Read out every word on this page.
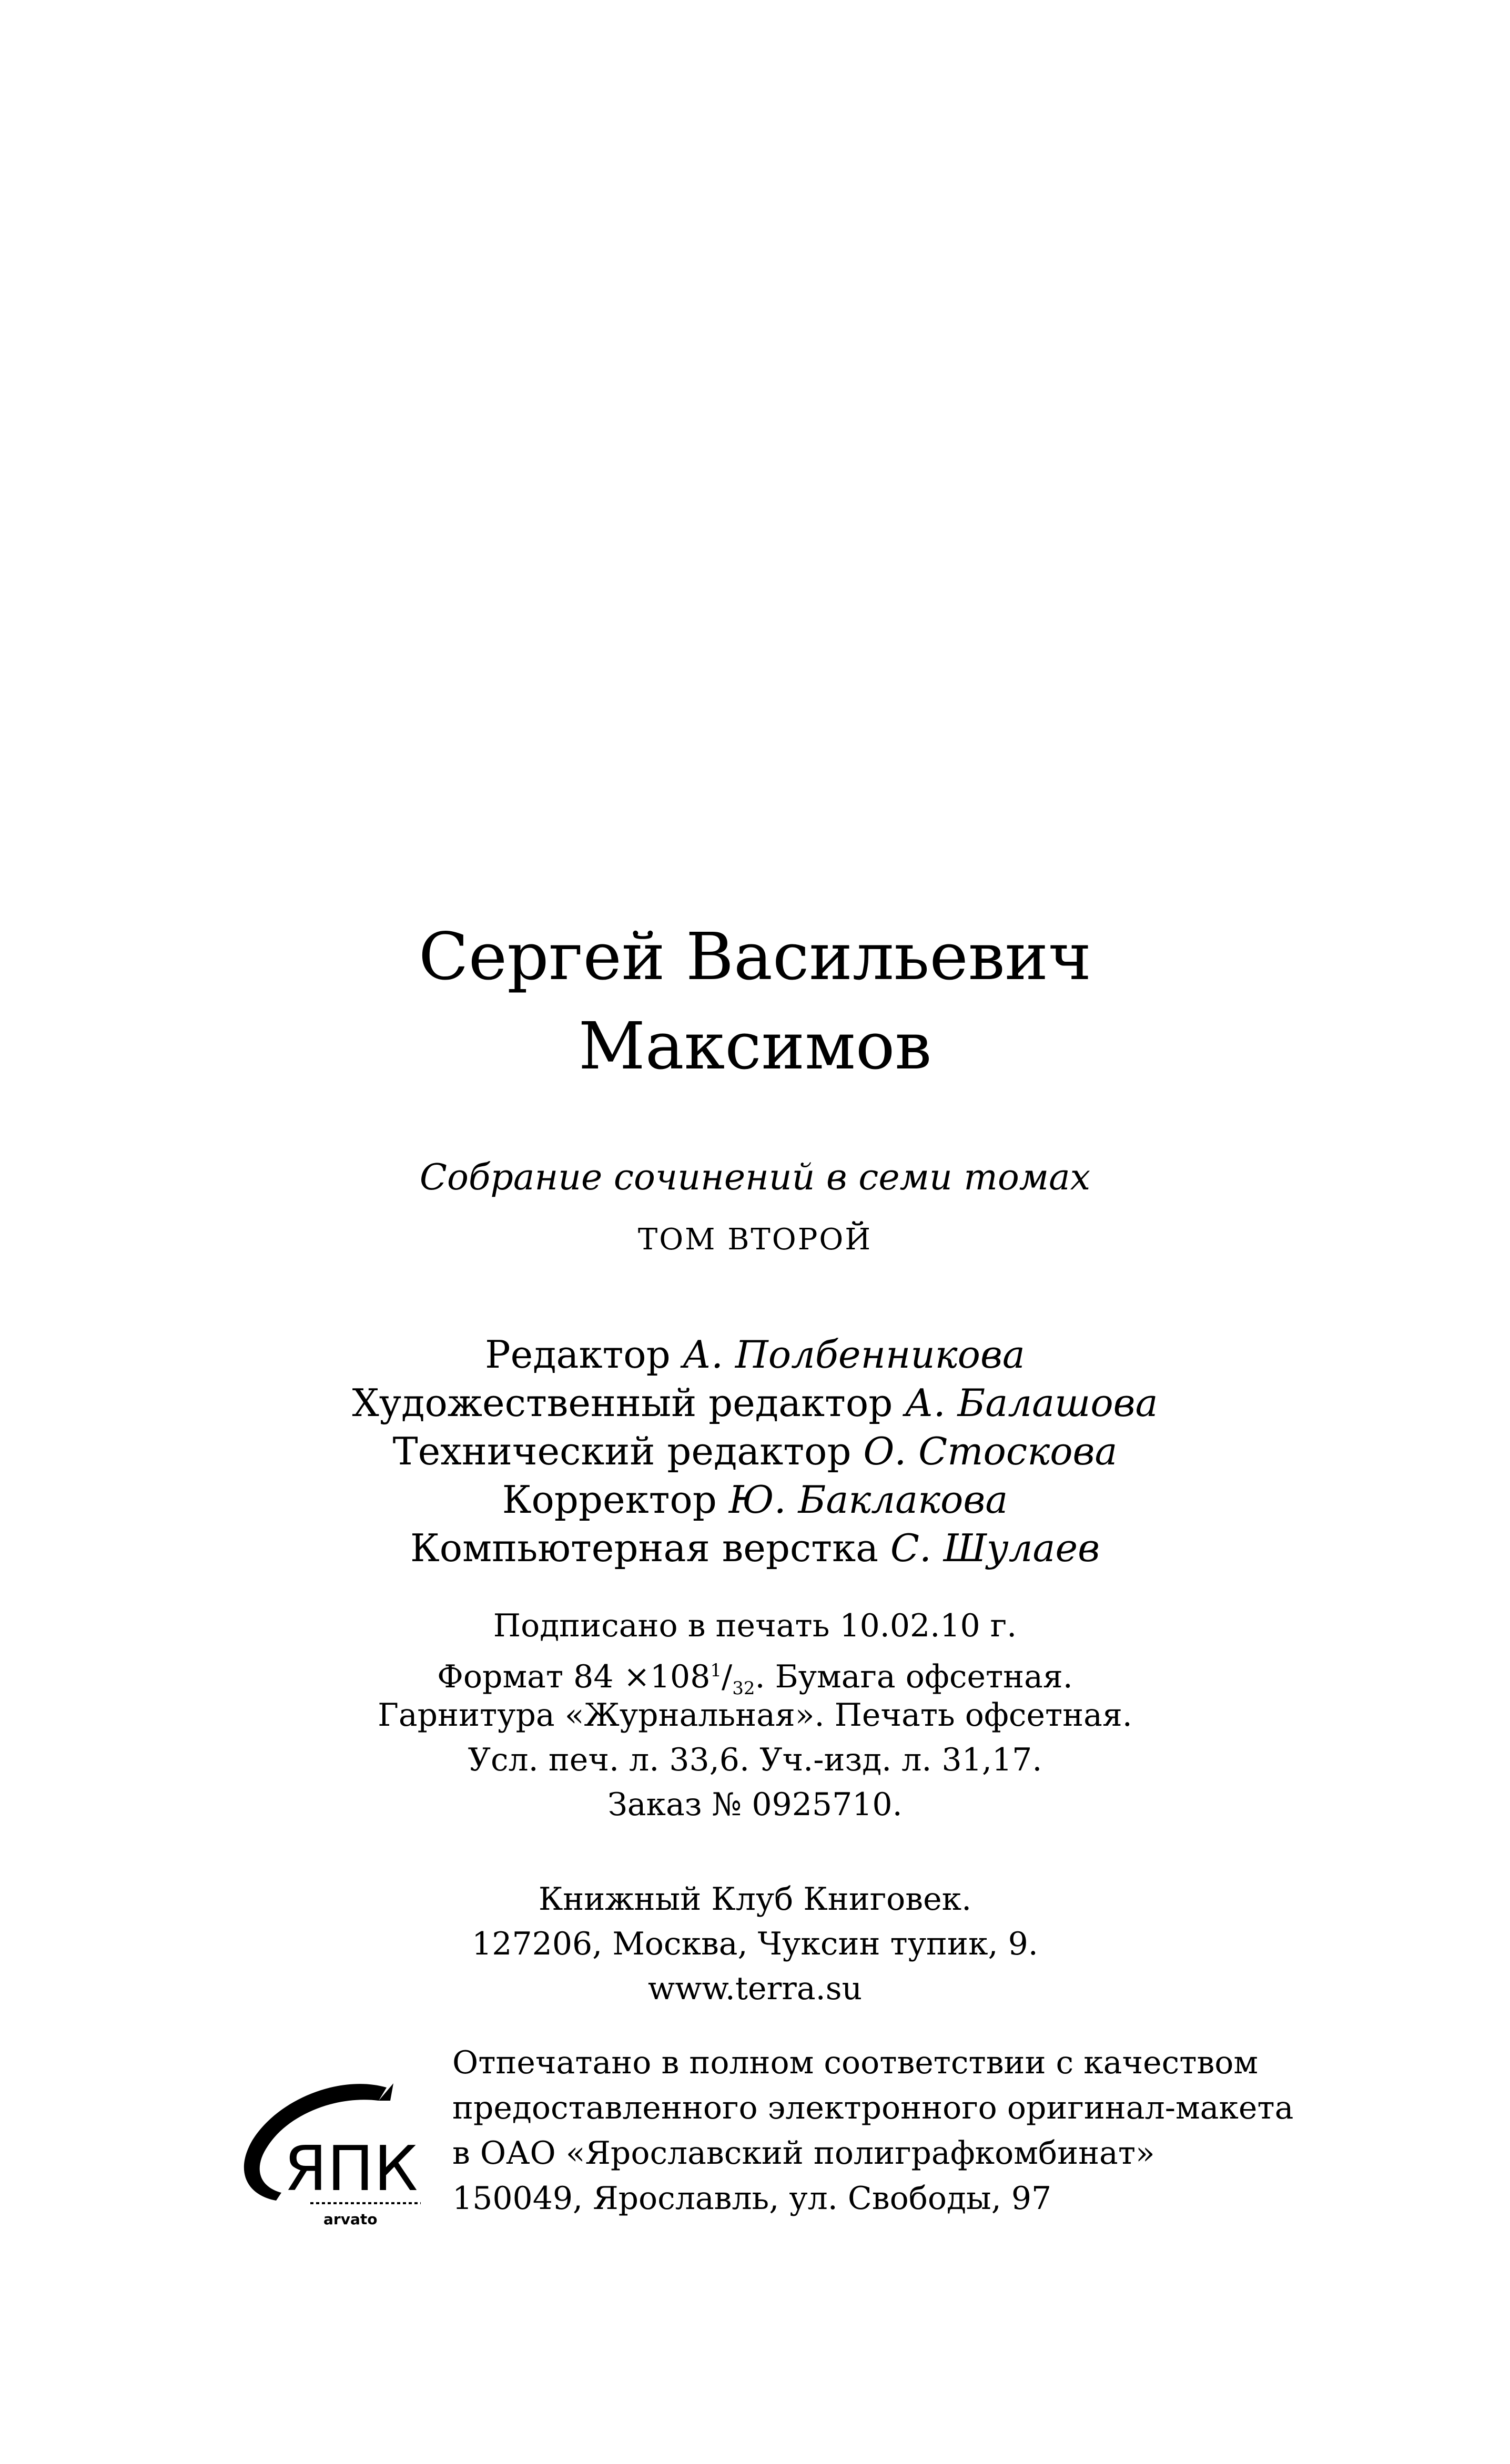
Сергей Васильевич
Максимов
Собрание сочинений в семи томах
ТОМ ВТОРОЙ
Редактор А. Полбенникова
Художественный редактор А. Балашова
Технический редактор О. Стоскова
Корректор Ю. Баклакова
Компьютерная верстка С. Шулаев
Подписано в печать 10.02.10 г.
Формат $84 \times 108^1/_{32}$. Бумага офсетная.
Гарнитура «Журнальная». Печать офсетная.
Усл. печ. л. 33,6. Уч.-изд. л. 31,17.
Заказ № 0925710.
Книжный Клуб Книговек.
127206, Москва, Чуксин тупик, 9.
www.terra.su
ЯПК
arvato
Отпечатано в полном соответствии с качеством
предоставленного электронного оригинал-макета
в ОАО «Ярославский полиграфкомбинат»
150049, Ярославль, ул. Свободы, 97
